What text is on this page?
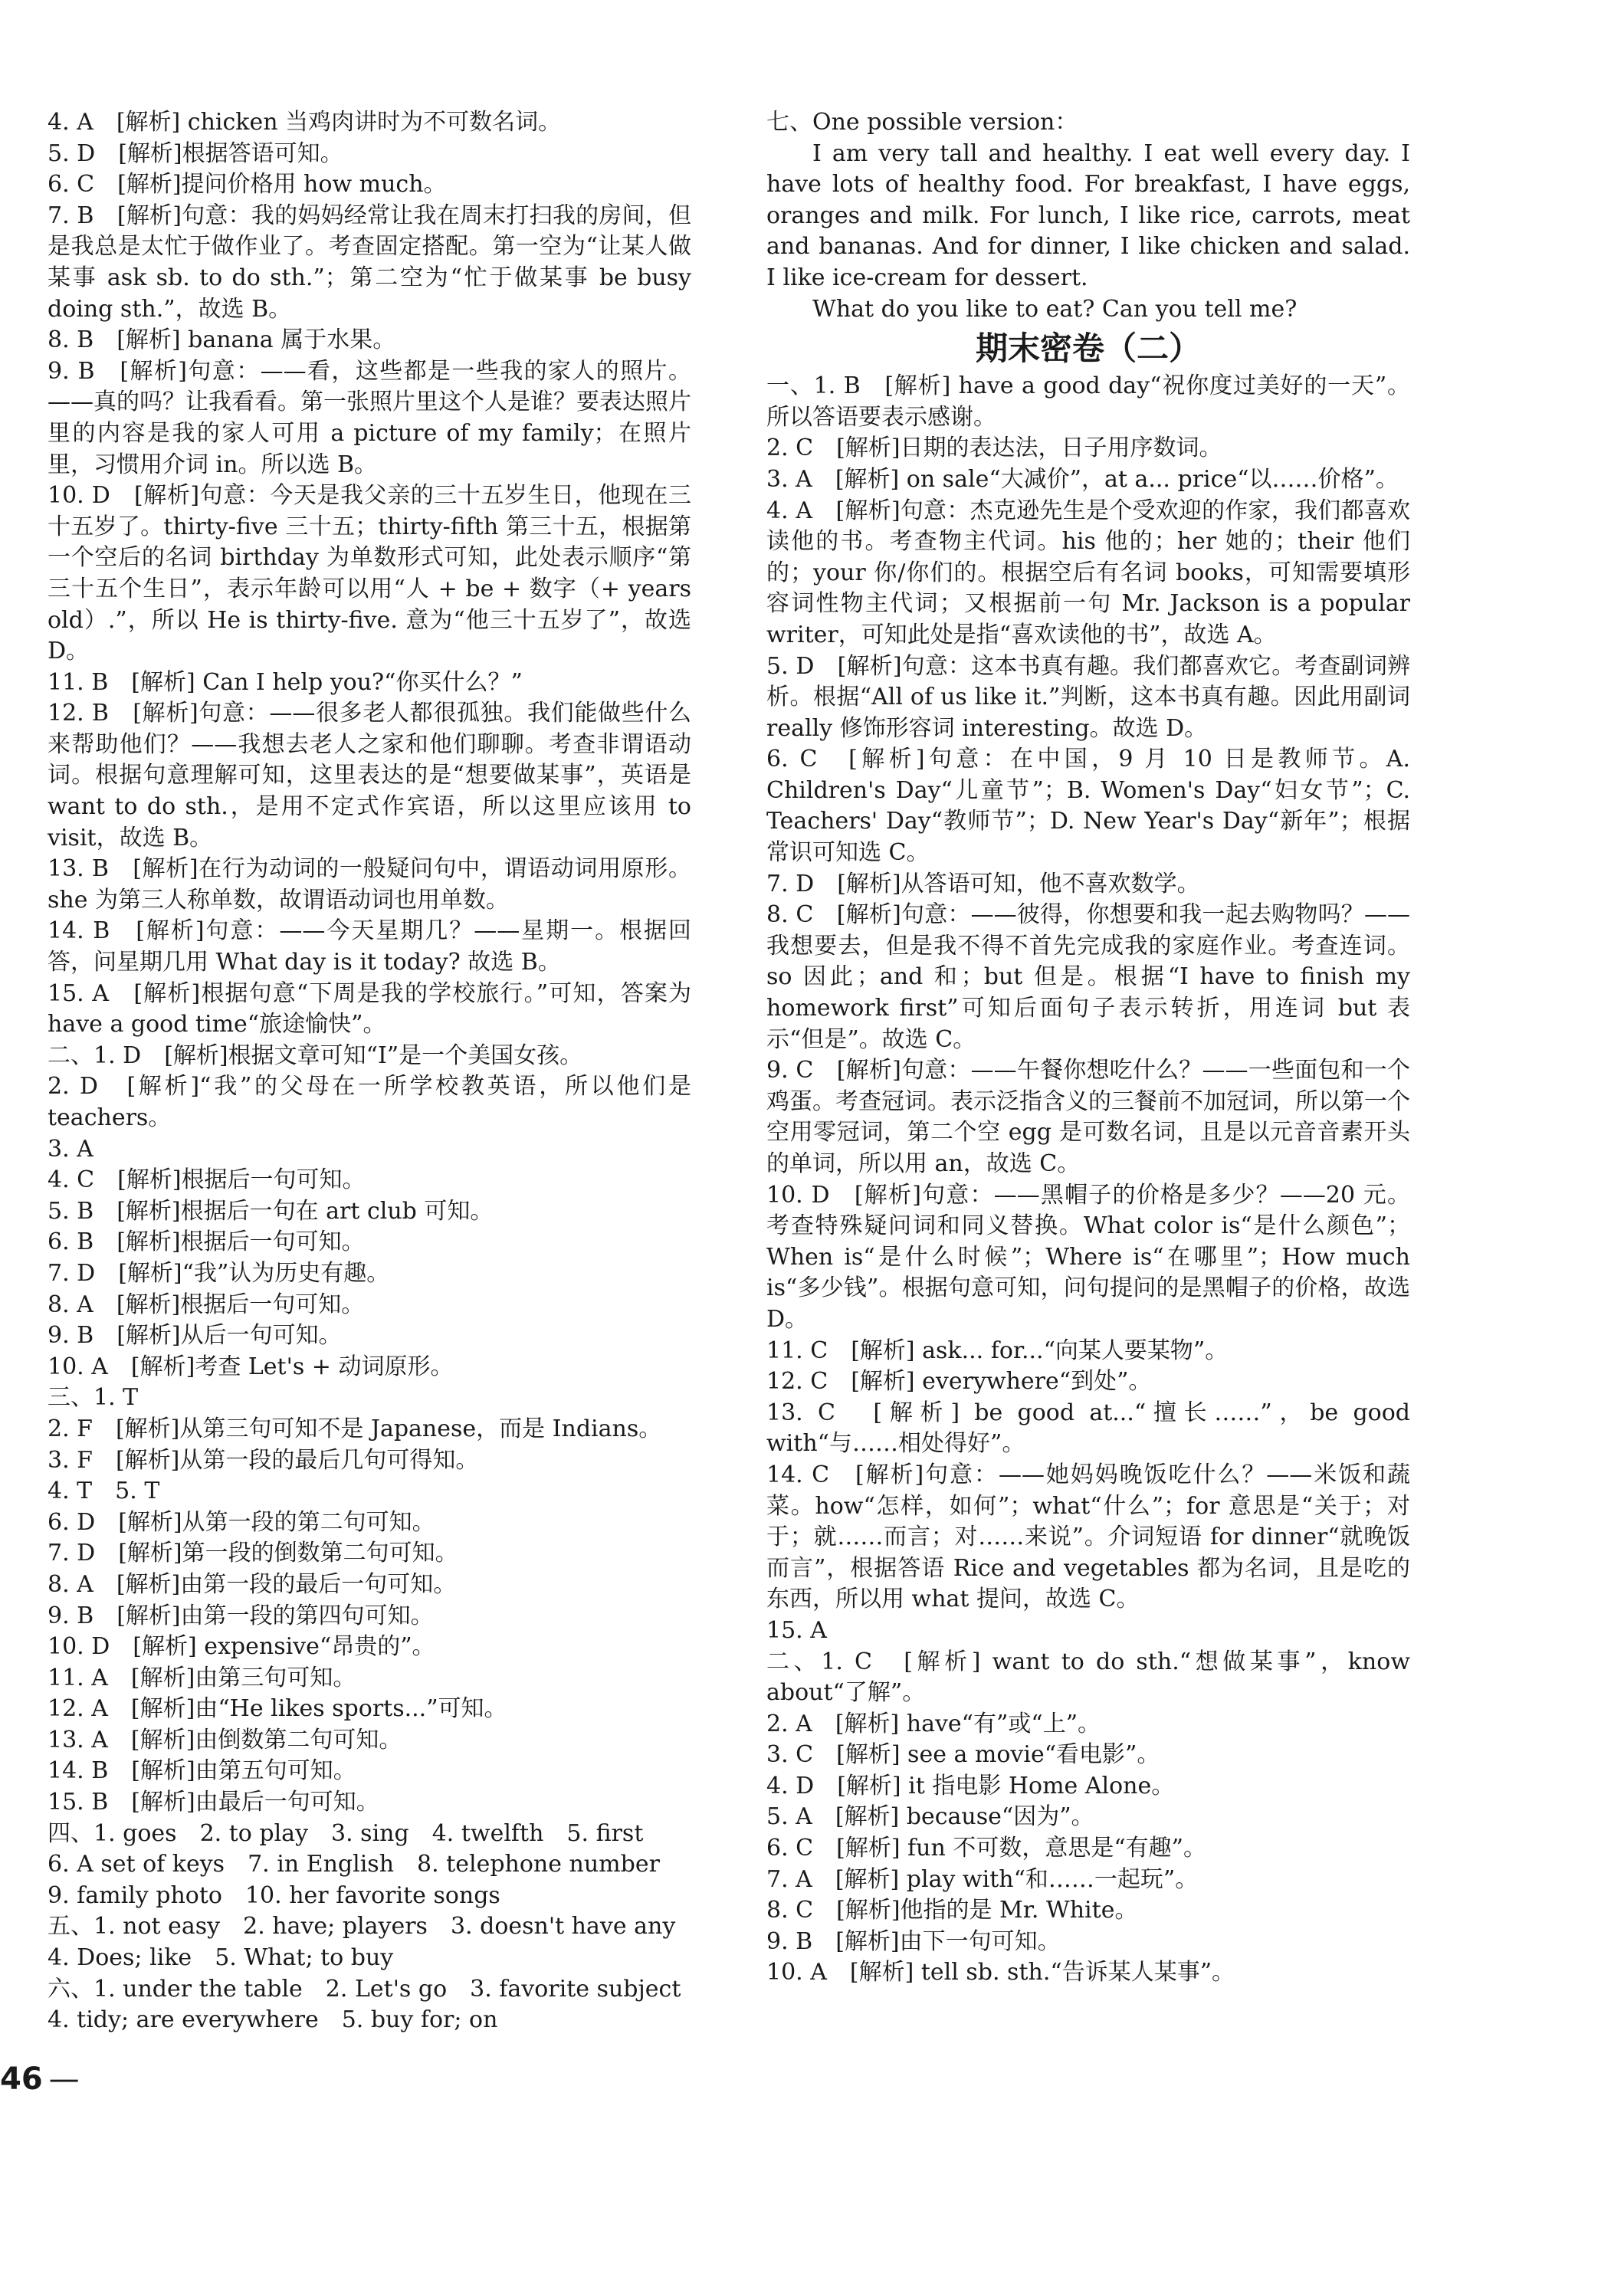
4. A　[解析] chicken 当鸡肉讲时为不可数名词。

5. D　[解析]根据答语可知。

6. C　[解析]提问价格用 how much。

7. B　[解析]句意：我的妈妈经常让我在周末打扫我的房间，但是我总是太忙于做作业了。考查固定搭配。第一空为“让某人做某事 ask sb. to do sth.”；第二空为“忙于做某事 be busy doing sth.”，故选 B。

8. B　[解析] banana 属于水果。

9. B　[解析]句意：——看，这些都是一些我的家人的照片。——真的吗？让我看看。第一张照片里这个人是谁？要表达照片里的内容是我的家人可用 a picture of my family；在照片里，习惯用介词 in。所以选 B。

10. D　[解析]句意：今天是我父亲的三十五岁生日，他现在三十五岁了。thirty-five 三十五；thirty-fifth 第三十五，根据第一个空后的名词 birthday 为单数形式可知，此处表示顺序“第三十五个生日”，表示年龄可以用“人 + be + 数字（+ years old）.”，所以 He is thirty-five. 意为“他三十五岁了”，故选 D。

11. B　[解析] Can I help you?“你买什么？”

12. B　[解析]句意：——很多老人都很孤独。我们能做些什么来帮助他们？——我想去老人之家和他们聊聊。考查非谓语动词。根据句意理解可知，这里表达的是“想要做某事”，英语是 want to do sth.，是用不定式作宾语，所以这里应该用 to visit，故选 B。

13. B　[解析]在行为动词的一般疑问句中，谓语动词用原形。she 为第三人称单数，故谓语动词也用单数。

14. B　[解析]句意：——今天星期几？——星期一。根据回答，问星期几用 What day is it today? 故选 B。

15. A　[解析]根据句意“下周是我的学校旅行。”可知，答案为 have a good time“旅途愉快”。

二、1. D　[解析]根据文章可知“I”是一个美国女孩。

2. D　[解析]“我”的父母在一所学校教英语，所以他们是 teachers。

3. A

4. C　[解析]根据后一句可知。

5. B　[解析]根据后一句在 art club 可知。

6. B　[解析]根据后一句可知。

7. D　[解析]“我”认为历史有趣。

8. A　[解析]根据后一句可知。

9. B　[解析]从后一句可知。

10. A　[解析]考查 Let's + 动词原形。

三、1. T

2. F　[解析]从第三句可知不是 Japanese，而是 Indians。

3. F　[解析]从第一段的最后几句可得知。

4. T　5. T

6. D　[解析]从第一段的第二句可知。

7. D　[解析]第一段的倒数第二句可知。

8. A　[解析]由第一段的最后一句可知。

9. B　[解析]由第一段的第四句可知。

10. D　[解析] expensive“昂贵的”。

11. A　[解析]由第三句可知。

12. A　[解析]由“He likes sports...”可知。

13. A　[解析]由倒数第二句可知。

14. B　[解析]由第五句可知。

15. B　[解析]由最后一句可知。

四、1. goes　2. to play　3. sing　4. twelfth　5. first

6. A set of keys　7. in English　8. telephone number

9. family photo　10. her favorite songs

五、1. not easy　2. have; players　3. doesn't have any

4. Does; like　5. What; to buy

六、1. under the table　2. Let's go　3. favorite subject

4. tidy; are everywhere　5. buy for; on

七、One possible version：

I am very tall and healthy. I eat well every day. I have lots of healthy food. For breakfast, I have eggs, oranges and milk. For lunch, I like rice, carrots, meat and bananas. And for dinner, I like chicken and salad. I like ice-cream for dessert.

What do you like to eat? Can you tell me?

期末密卷（二）

一、1. B　[解析] have a good day“祝你度过美好的一天”。所以答语要表示感谢。

2. C　[解析]日期的表达法，日子用序数词。

3. A　[解析] on sale“大减价”，at a... price“以……价格”。

4. A　[解析]句意：杰克逊先生是个受欢迎的作家，我们都喜欢读他的书。考查物主代词。his 他的；her 她的；their 他们的；your 你/你们的。根据空后有名词 books，可知需要填形容词性物主代词；又根据前一句 Mr. Jackson is a popular writer，可知此处是指“喜欢读他的书”，故选 A。

5. D　[解析]句意：这本书真有趣。我们都喜欢它。考查副词辨析。根据“All of us like it.”判断，这本书真有趣。因此用副词 really 修饰形容词 interesting。故选 D。

6. C　[解析]句意：在中国，9 月 10 日是教师节。A. Children's Day“儿童节”；B. Women's Day“妇女节”；C. Teachers' Day“教师节”；D. New Year's Day“新年”；根据常识可知选 C。

7. D　[解析]从答语可知，他不喜欢数学。

8. C　[解析]句意：——彼得，你想要和我一起去购物吗？——我想要去，但是我不得不首先完成我的家庭作业。考查连词。so 因此；and 和；but 但是。根据“I have to finish my homework first”可知后面句子表示转折，用连词 but 表示“但是”。故选 C。

9. C　[解析]句意：——午餐你想吃什么？——一些面包和一个鸡蛋。考查冠词。表示泛指含义的三餐前不加冠词，所以第一个空用零冠词，第二个空 egg 是可数名词，且是以元音音素开头的单词，所以用 an，故选 C。

10. D　[解析]句意：——黑帽子的价格是多少？——20 元。考查特殊疑问词和同义替换。What color is“是什么颜色”；When is“是什么时候”；Where is“在哪里”；How much is“多少钱”。根据句意可知，问句提问的是黑帽子的价格，故选 D。

11. C　[解析] ask... for...“向某人要某物”。

12. C　[解析] everywhere“到处”。

13. C　[解析] be good at...“擅长……”，be good with“与……相处得好”。

14. C　[解析]句意：——她妈妈晚饭吃什么？——米饭和蔬菜。how“怎样，如何”；what“什么”；for 意思是“关于；对于；就……而言；对……来说”。介词短语 for dinner“就晚饭而言”，根据答语 Rice and vegetables 都为名词，且是吃的东西，所以用 what 提问，故选 C。

15. A

二、1. C　[解析] want to do sth.“想做某事”，know about“了解”。

2. A　[解析] have“有”或“上”。

3. C　[解析] see a movie“看电影”。

4. D　[解析] it 指电影 Home Alone。

5. A　[解析] because“因为”。

6. C　[解析] fun 不可数，意思是“有趣”。

7. A　[解析] play with“和……一起玩”。

8. C　[解析]他指的是 Mr. White。

9. B　[解析]由下一句可知。

10. A　[解析] tell sb. sth.“告诉某人某事”。

46 —
